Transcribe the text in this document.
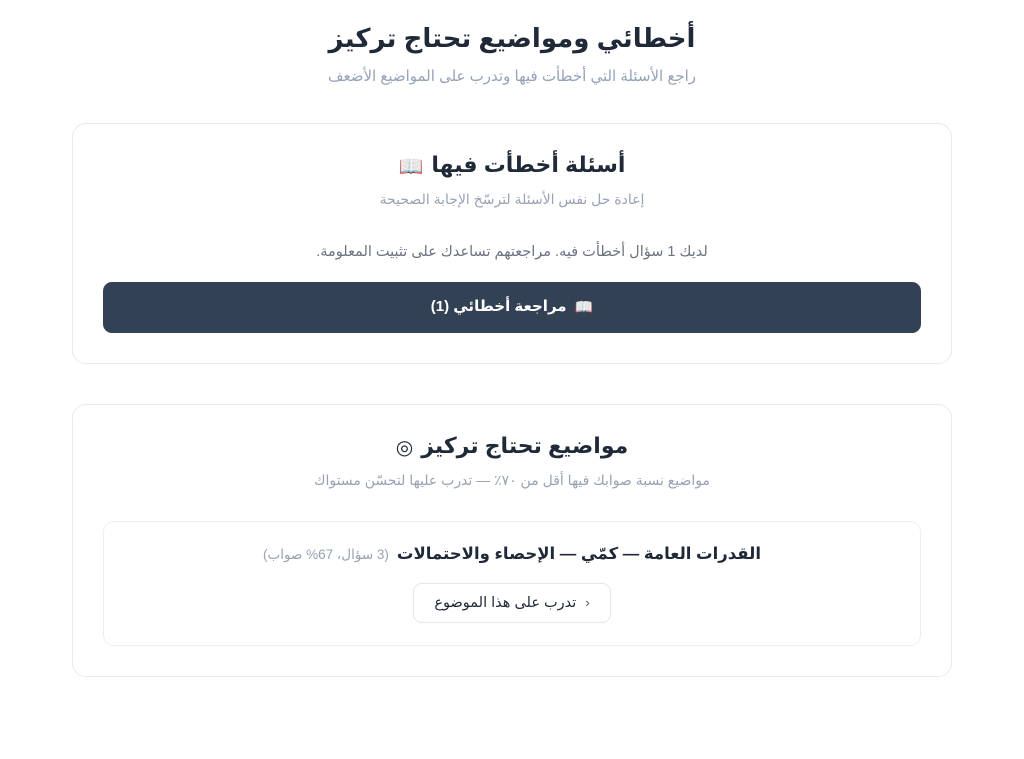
أخطائي ومواضيع تحتاج تركيز

راجع الأسئلة التي أخطأت فيها وتدرب على المواضيع الأضعف

أسئلة أخطأت فيها📖

إعادة حل نفس الأسئلة لترسّخ الإجابة الصحيحة

لديك 1 سؤال أخطأت فيه. مراجعتهم تساعدك على تثبيت المعلومة.

📖مراجعة أخطائي (1)
مواضيع تحتاج تركيز◎

مواضيع نسبة صوابك فيها أقل من ٧٠٪ — تدرب عليها لتحسّن مستواك

القدرات العامة — كمّي — الإحصاء والاحتمالات(3 سؤال، 67% صواب)
تدرب على هذا الموضوع ‹
